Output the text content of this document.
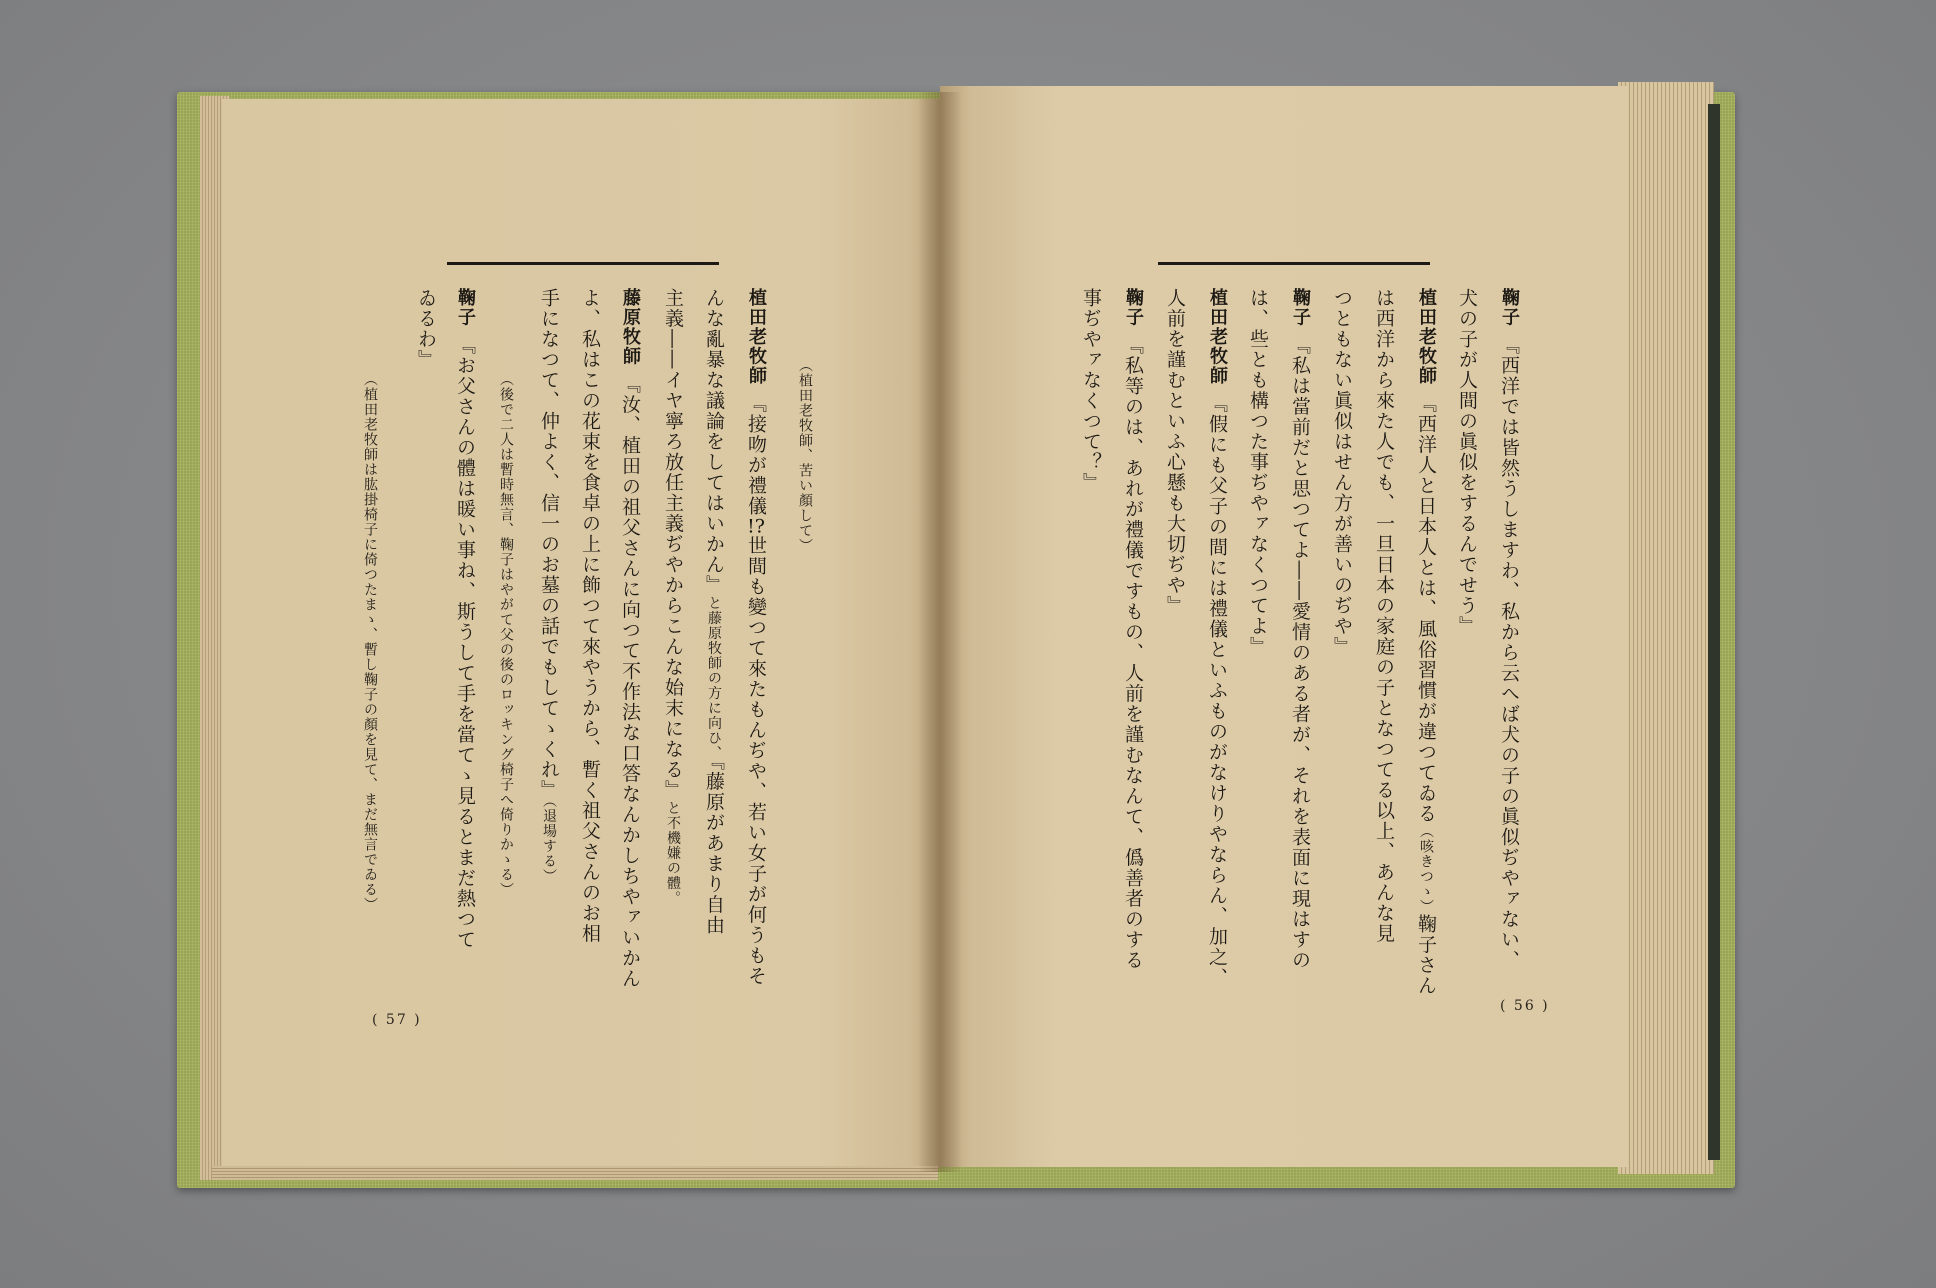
（植田老牧師、苦い顏して）
植田老牧師『接吻が禮儀!?世間も變つて來たもんぢや、若い女子が何うもそ
んな亂暴な議論をしてはいかん』と藤原牧師の方に向ひ、『藤原があまり自由
主義――イヤ寧ろ放任主義ぢやからこんな始末になる』と不機嫌の體。
藤原牧師『汝、植田の祖父さんに向つて不作法な口答なんかしちやァいかん
よ、私はこの花束を食卓の上に飾つて來やうから、暫く祖父さんのお相
手になつて、仲よく、信一のお墓の話でもしてゝくれ』（退場する）
（後で二人は暫時無言、鞠子はやがて父の後のロッキング椅子へ倚りかゝる）
鞠子『お父さんの體は暖い事ね、斯うして手を當てゝ見るとまだ熱つて
ゐるわ』
（植田老牧師は肱掛椅子に倚つたまゝ、暫し鞠子の顏を見て、まだ無言でゐる）
( 57 )
鞠子『西洋では皆然うしますわ、私から云へば犬の子の眞似ぢやァない、
犬の子が人間の眞似をするんでせう』
植田老牧師『西洋人と日本人とは、風俗習慣が違つてゐる（咳きつゝ）鞠子さん
は西洋から來た人でも、一旦日本の家庭の子となつてる以上、あんな見
つともない眞似はせん方が善いのぢや』
鞠子『私は當前だと思つてよ――愛情のある者が、それを表面に現はすの
は、些とも構つた事ぢやァなくつてよ』
植田老牧師『假にも父子の間には禮儀といふものがなけりやならん、加之、
人前を謹むといふ心懸も大切ぢや』
鞠子『私等のは、あれが禮儀ですもの、人前を謹むなんて、僞善者のする
事ぢやァなくつて？』
( 56 )
